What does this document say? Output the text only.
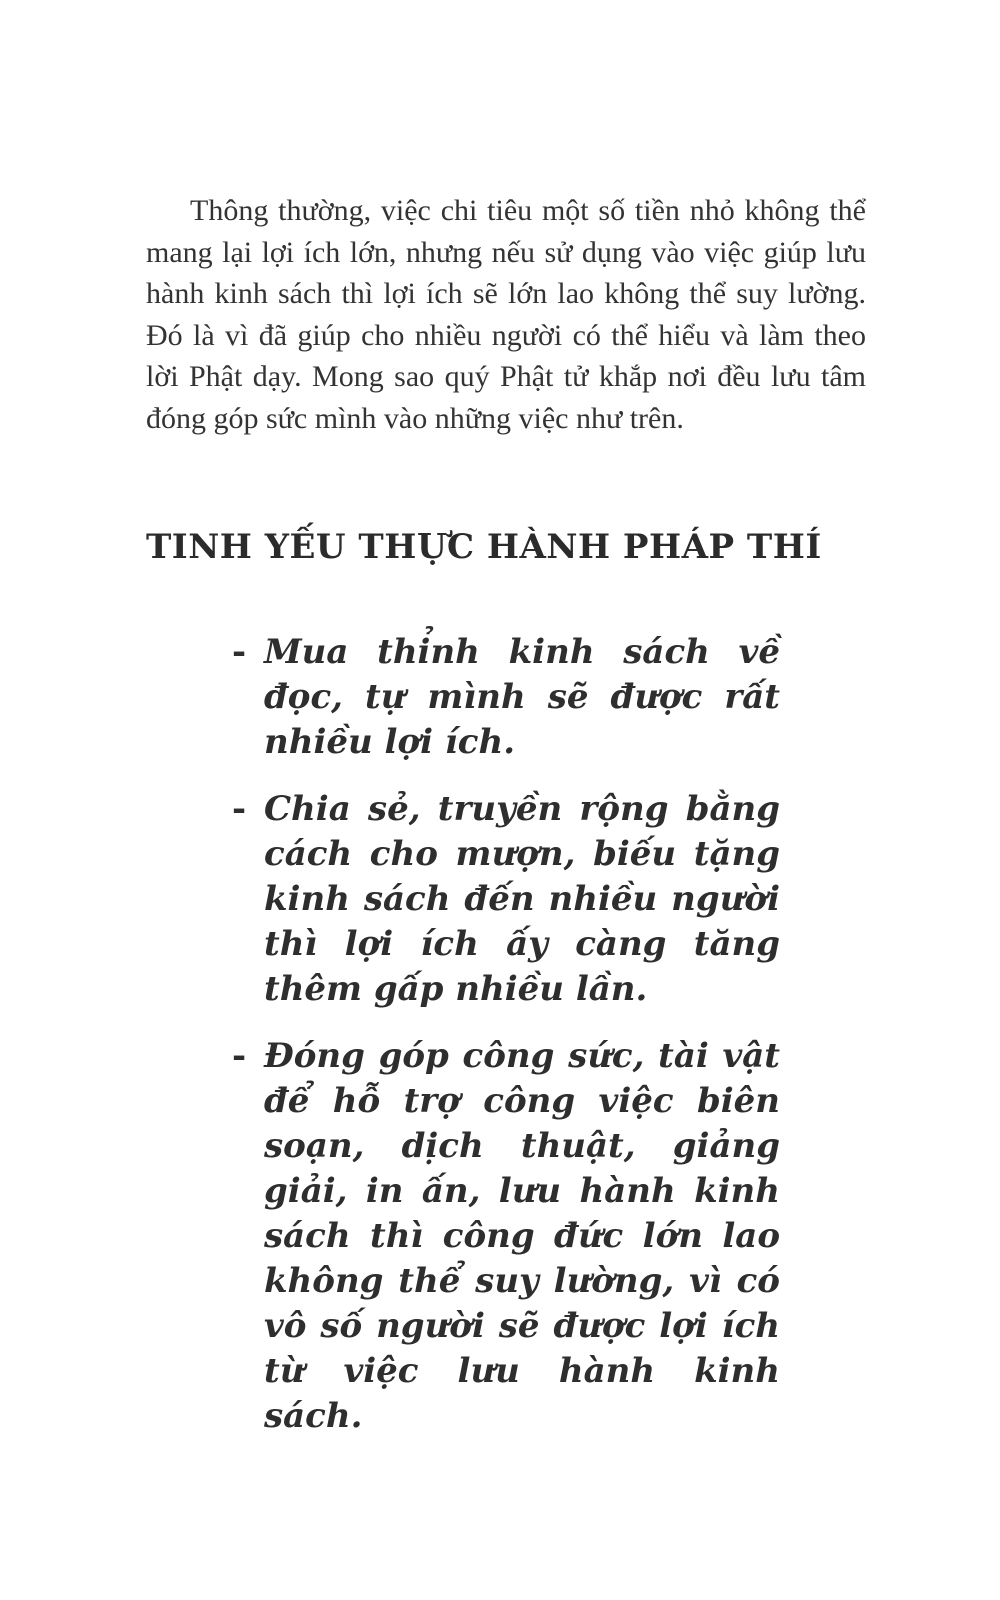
Thông thường, việc chi tiêu một số tiền nhỏ không thể mang lại lợi ích lớn, nhưng nếu sử dụng vào việc giúp lưu hành kinh sách thì lợi ích sẽ lớn lao không thể suy lường. Đó là vì đã giúp cho nhiều người có thể hiểu và làm theo lời Phật dạy. Mong sao quý Phật tử khắp nơi đều lưu tâm đóng góp sức mình vào những việc như trên.

TINH YẾU THỰC HÀNH PHÁP THÍ
- Mua thỉnh kinh sách về đọc, tự mình sẽ được rất nhiều lợi ích.
- Chia sẻ, truyền rộng bằng cách cho mượn, biếu tặng kinh sách đến nhiều người thì lợi ích ấy càng tăng thêm gấp nhiều lần.
- Đóng góp công sức, tài vật để hỗ trợ công việc biên soạn, dịch thuật, giảng giải, in ấn, lưu hành kinh sách thì công đức lớn lao không thể suy lường, vì có vô số người sẽ được lợi ích từ việc lưu hành kinh sách.
